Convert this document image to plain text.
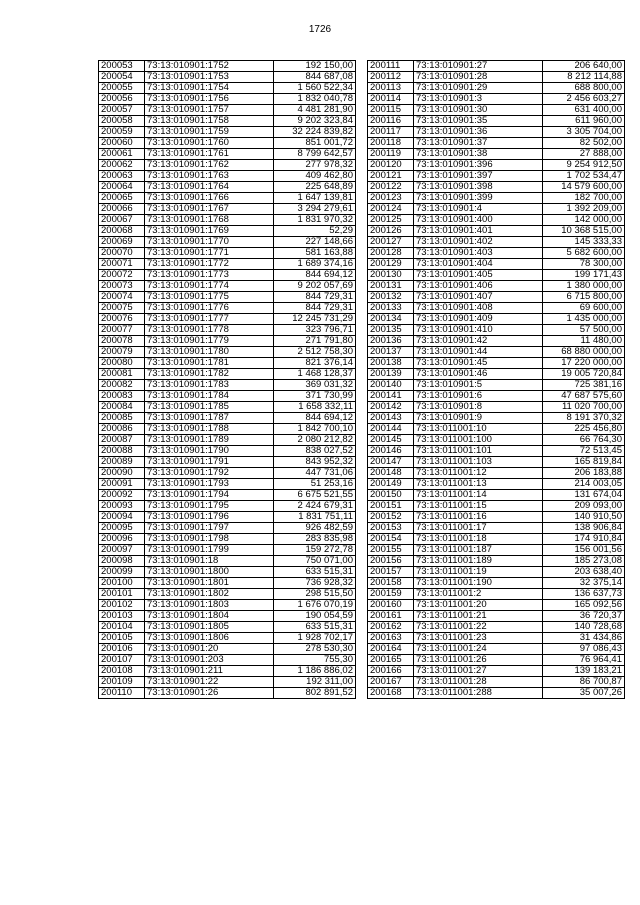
1726
200053	73:13:010901:1752	192 150,00
200054	73:13:010901:1753	844 687,08
200055	73:13:010901:1754	1 560 522,34
200056	73:13:010901:1756	1 832 040,78
200057	73:13:010901:1757	4 481 281,90
200058	73:13:010901:1758	9 202 323,84
200059	73:13:010901:1759	32 224 839,82
200060	73:13:010901:1760	851 001,72
200061	73:13:010901:1761	8 799 642,57
200062	73:13:010901:1762	277 978,32
200063	73:13:010901:1763	409 462,80
200064	73:13:010901:1764	225 648,89
200065	73:13:010901:1766	1 647 139,81
200066	73:13:010901:1767	3 294 279,61
200067	73:13:010901:1768	1 831 970,32
200068	73:13:010901:1769	52,29
200069	73:13:010901:1770	227 148,66
200070	73:13:010901:1771	581 163,88
200071	73:13:010901:1772	1 689 374,16
200072	73:13:010901:1773	844 694,12
200073	73:13:010901:1774	9 202 057,69
200074	73:13:010901:1775	844 729,31
200075	73:13:010901:1776	844 729,31
200076	73:13:010901:1777	12 245 731,29
200077	73:13:010901:1778	323 796,71
200078	73:13:010901:1779	271 791,80
200079	73:13:010901:1780	2 512 758,30
200080	73:13:010901:1781	821 376,14
200081	73:13:010901:1782	1 468 128,37
200082	73:13:010901:1783	369 031,32
200083	73:13:010901:1784	371 730,99
200084	73:13:010901:1785	1 658 332,11
200085	73:13:010901:1787	844 694,12
200086	73:13:010901:1788	1 842 700,10
200087	73:13:010901:1789	2 080 212,82
200088	73:13:010901:1790	838 027,52
200089	73:13:010901:1791	843 952,32
200090	73:13:010901:1792	447 731,06
200091	73:13:010901:1793	51 253,16
200092	73:13:010901:1794	6 675 521,55
200093	73:13:010901:1795	2 424 679,31
200094	73:13:010901:1796	1 831 751,11
200095	73:13:010901:1797	926 482,59
200096	73:13:010901:1798	283 835,98
200097	73:13:010901:1799	159 272,78
200098	73:13:010901:18	750 071,00
200099	73:13:010901:1800	633 515,31
200100	73:13:010901:1801	736 928,32
200101	73:13:010901:1802	298 515,50
200102	73:13:010901:1803	1 676 070,19
200103	73:13:010901:1804	190 054,59
200104	73:13:010901:1805	633 515,31
200105	73:13:010901:1806	1 928 702,17
200106	73:13:010901:20	278 530,30
200107	73:13:010901:203	755,30
200108	73:13:010901:211	1 186 886,02
200109	73:13:010901:22	192 311,00
200110	73:13:010901:26	802 891,52
200111	73:13:010901:27	206 640,00
200112	73:13:010901:28	8 212 114,88
200113	73:13:010901:29	688 800,00
200114	73:13:010901:3	2 456 603,27
200115	73:13:010901:30	631 400,00
200116	73:13:010901:35	611 960,00
200117	73:13:010901:36	3 305 704,00
200118	73:13:010901:37	82 502,00
200119	73:13:010901:38	27 888,00
200120	73:13:010901:396	9 254 912,50
200121	73:13:010901:397	1 702 534,47
200122	73:13:010901:398	14 579 600,00
200123	73:13:010901:399	182 700,00
200124	73:13:010901:4	1 392 209,00
200125	73:13:010901:400	142 000,00
200126	73:13:010901:401	10 368 515,00
200127	73:13:010901:402	145 333,33
200128	73:13:010901:403	5 682 600,00
200129	73:13:010901:404	78 300,00
200130	73:13:010901:405	199 171,43
200131	73:13:010901:406	1 380 000,00
200132	73:13:010901:407	6 715 800,00
200133	73:13:010901:408	69 600,00
200134	73:13:010901:409	1 435 000,00
200135	73:13:010901:410	57 500,00
200136	73:13:010901:42	11 480,00
200137	73:13:010901:44	68 880 000,00
200138	73:13:010901:45	17 220 000,00
200139	73:13:010901:46	19 005 720,84
200140	73:13:010901:5	725 381,16
200141	73:13:010901:6	47 687 575,60
200142	73:13:010901:8	11 020 700,00
200143	73:13:010901:9	8 191 370,32
200144	73:13:011001:10	225 456,80
200145	73:13:011001:100	66 764,30
200146	73:13:011001:101	72 513,45
200147	73:13:011001:103	165 819,84
200148	73:13:011001:12	206 183,88
200149	73:13:011001:13	214 003,05
200150	73:13:011001:14	131 674,04
200151	73:13:011001:15	209 093,00
200152	73:13:011001:16	140 910,50
200153	73:13:011001:17	138 906,84
200154	73:13:011001:18	174 910,84
200155	73:13:011001:187	156 001,56
200156	73:13:011001:189	185 273,08
200157	73:13:011001:19	203 638,40
200158	73:13:011001:190	32 375,14
200159	73:13:011001:2	136 637,73
200160	73:13:011001:20	165 092,56
200161	73:13:011001:21	36 720,37
200162	73:13:011001:22	140 728,68
200163	73:13:011001:23	31 434,86
200164	73:13:011001:24	97 086,43
200165	73:13:011001:26	76 964,41
200166	73:13:011001:27	139 183,21
200167	73:13:011001:28	86 700,87
200168	73:13:011001:288	35 007,26
